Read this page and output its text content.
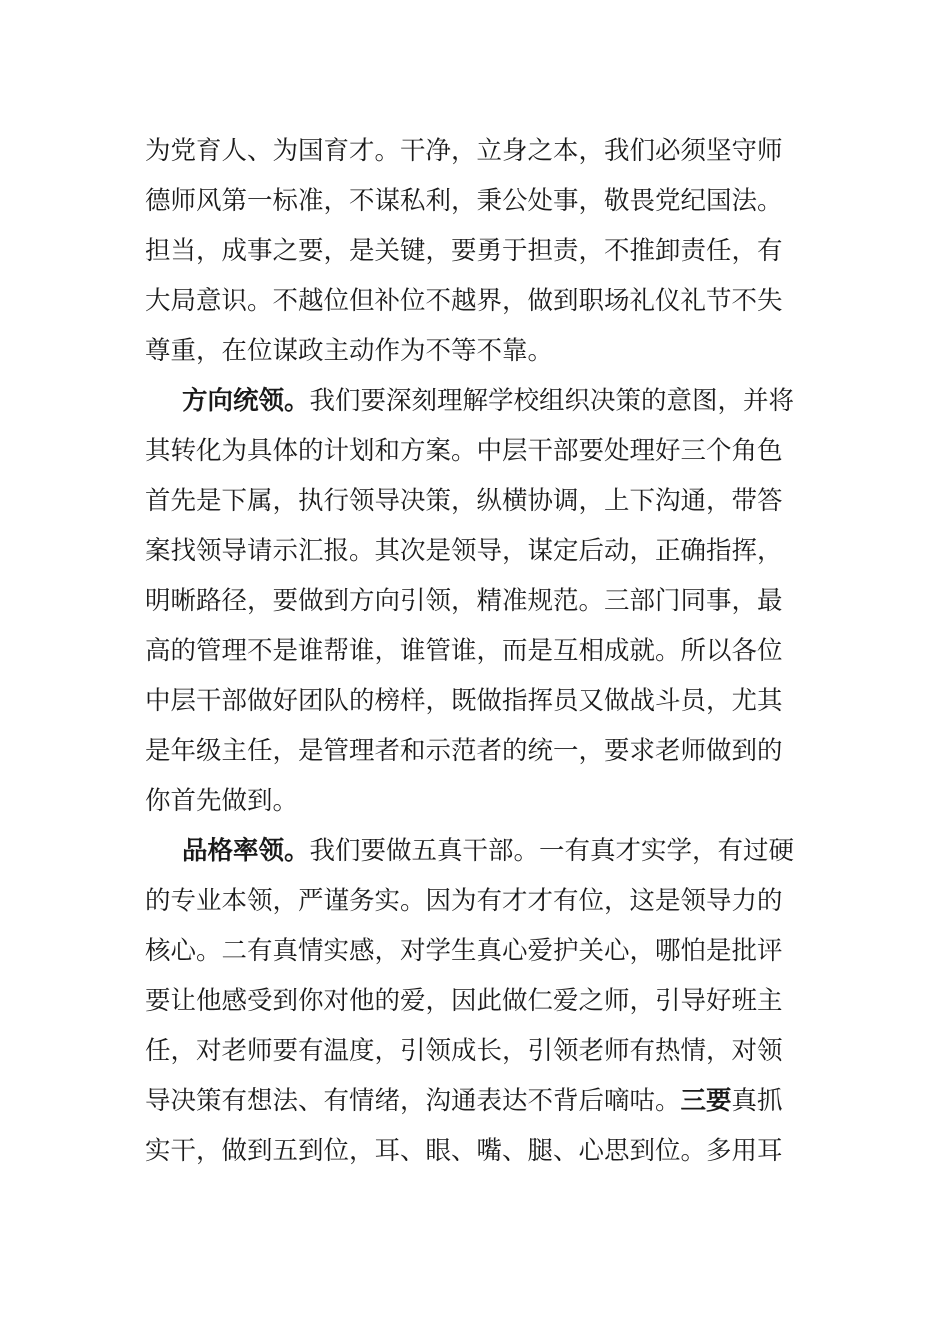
为党育人、为国育才。干净，立身之本，我们必须坚守师
德师风第一标准，不谋私利，秉公处事，敬畏党纪国法。
担当，成事之要，是关键，要勇于担责，不推卸责任，有
大局意识。不越位但补位不越界，做到职场礼仪礼节不失
尊重，在位谋政主动作为不等不靠。
方向统领。我们要深刻理解学校组织决策的意图，并将
其转化为具体的计划和方案。中层干部要处理好三个角色
首先是下属，执行领导决策，纵横协调，上下沟通，带答
案找领导请示汇报。其次是领导，谋定后动，正确指挥，
明晰路径，要做到方向引领，精准规范。三部门同事，最
高的管理不是谁帮谁，谁管谁，而是互相成就。所以各位
中层干部做好团队的榜样，既做指挥员又做战斗员，尤其
是年级主任，是管理者和示范者的统一，要求老师做到的
你首先做到。
品格率领。我们要做五真干部。一有真才实学，有过硬
的专业本领，严谨务实。因为有才才有位，这是领导力的
核心。二有真情实感，对学生真心爱护关心，哪怕是批评
要让他感受到你对他的爱，因此做仁爱之师，引导好班主
任，对老师要有温度，引领成长，引领老师有热情，对领
导决策有想法、有情绪，沟通表达不背后嘀咕。三要真抓
实干，做到五到位，耳、眼、嘴、腿、心思到位。多用耳
